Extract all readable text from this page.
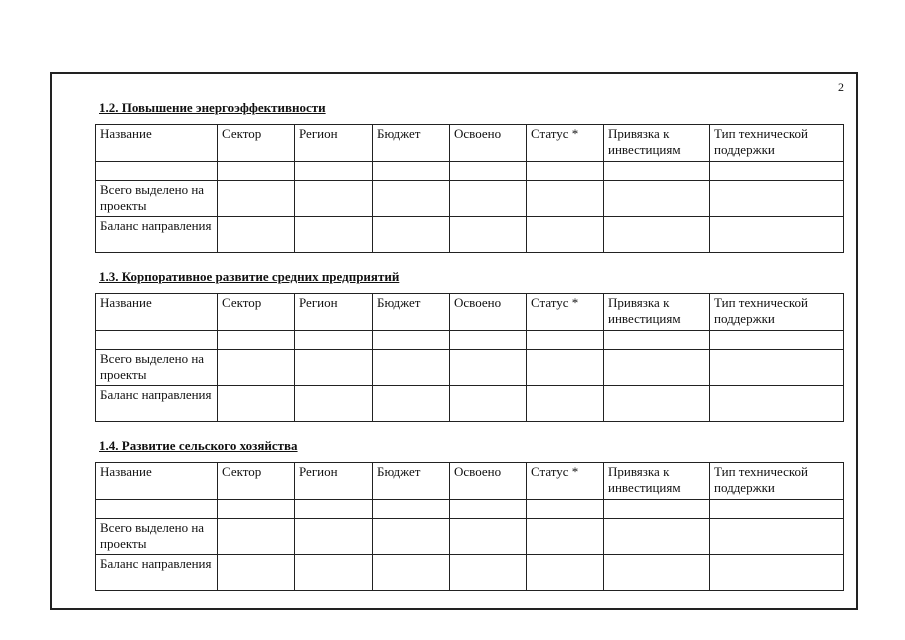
2
1.2. Повышение энергоэффективности
Название	Сектор	Регион	Бюджет	Освоено	Статус *	Привязка к инвестициям	Тип технической поддержки

Всего выделено на проекты							
Баланс направления							
1.3. Корпоративное развитие средних предприятий
Название	Сектор	Регион	Бюджет	Освоено	Статус *	Привязка к инвестициям	Тип технической поддержки

Всего выделено на проекты							
Баланс направления							
1.4. Развитие сельского хозяйства
Название	Сектор	Регион	Бюджет	Освоено	Статус *	Привязка к инвестициям	Тип технической поддержки

Всего выделено на проекты							
Баланс направления							
